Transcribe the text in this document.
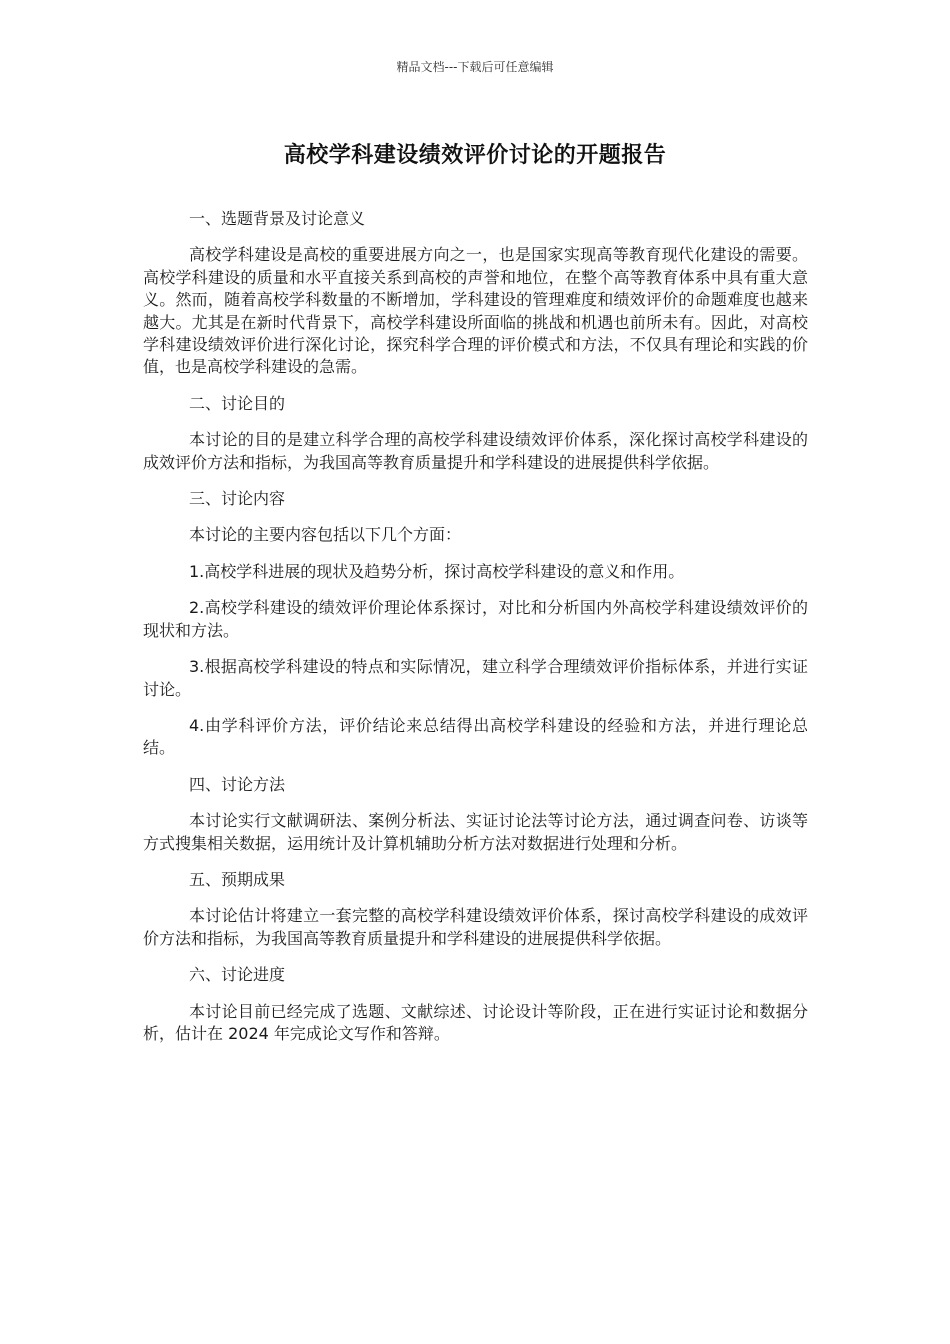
精品文档---下载后可任意编辑
高校学科建设绩效评价讨论的开题报告

一、选题背景及讨论意义

高校学科建设是高校的重要进展方向之一，也是国家实现高等教育现代化建设的需要。高校学科建设的质量和水平直接关系到高校的声誉和地位，在整个高等教育体系中具有重大意义。然而，随着高校学科数量的不断增加，学科建设的管理难度和绩效评价的命题难度也越来越大。尤其是在新时代背景下，高校学科建设所面临的挑战和机遇也前所未有。因此，对高校学科建设绩效评价进行深化讨论，探究科学合理的评价模式和方法，不仅具有理论和实践的价值，也是高校学科建设的急需。

二、讨论目的

本讨论的目的是建立科学合理的高校学科建设绩效评价体系，深化探讨高校学科建设的成效评价方法和指标，为我国高等教育质量提升和学科建设的进展提供科学依据。

三、讨论内容

本讨论的主要内容包括以下几个方面：

1.高校学科进展的现状及趋势分析，探讨高校学科建设的意义和作用。

2.高校学科建设的绩效评价理论体系探讨，对比和分析国内外高校学科建设绩效评价的现状和方法。

3.根据高校学科建设的特点和实际情况，建立科学合理绩效评价指标体系，并进行实证讨论。

4.由学科评价方法，评价结论来总结得出高校学科建设的经验和方法，并进行理论总结。

四、讨论方法

本讨论实行文献调研法、案例分析法、实证讨论法等讨论方法，通过调查问卷、访谈等方式搜集相关数据，运用统计及计算机辅助分析方法对数据进行处理和分析。

五、预期成果

本讨论估计将建立一套完整的高校学科建设绩效评价体系，探讨高校学科建设的成效评价方法和指标，为我国高等教育质量提升和学科建设的进展提供科学依据。

六、讨论进度

本讨论目前已经完成了选题、文献综述、讨论设计等阶段，正在进行实证讨论和数据分析，估计在 2024 年完成论文写作和答辩。
